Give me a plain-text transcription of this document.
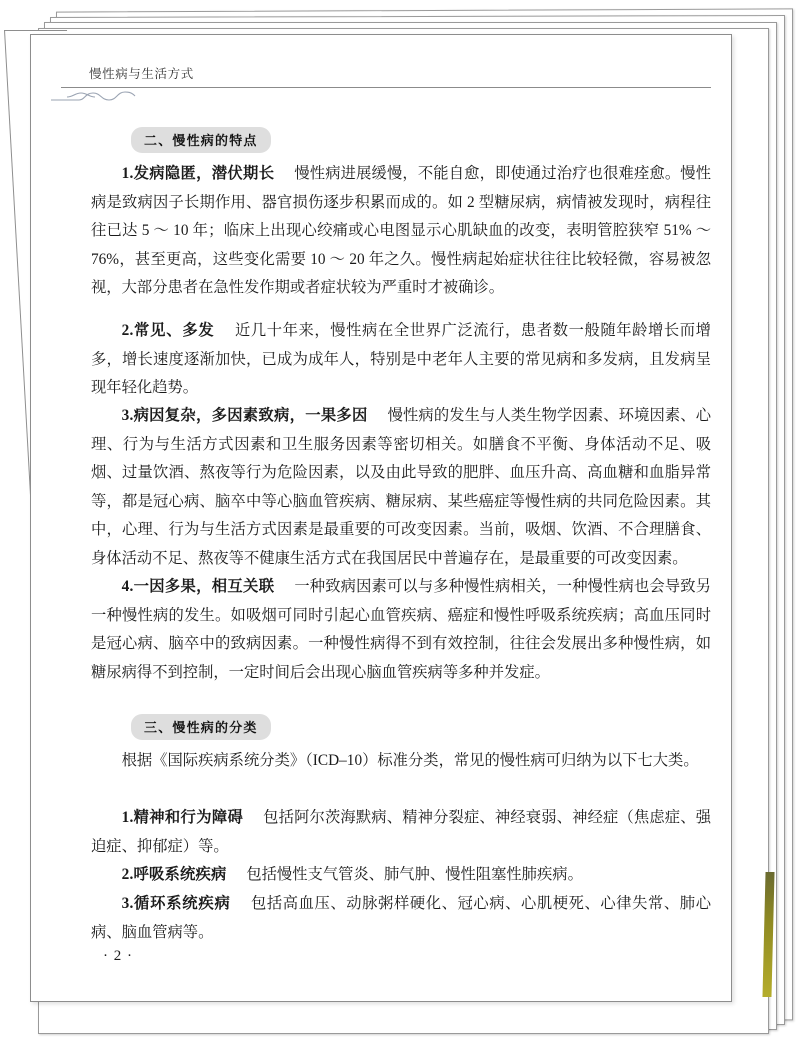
慢性病与生活方式
二、慢性病的特点
1.发病隐匿，潜伏期长 慢性病进展缓慢，不能自愈，即使通过治疗也很难痊愈。慢性病是致病因子长期作用、器官损伤逐步积累而成的。如 2 型糖尿病，病情被发现时，病程往往已达 5 ～ 10 年；临床上出现心绞痛或心电图显示心肌缺血的改变，表明管腔狭窄 51% ～ 76%，甚至更高，这些变化需要 10 ～ 20 年之久。慢性病起始症状往往比较轻微，容易被忽视，大部分患者在急性发作期或者症状较为严重时才被确诊。
2.常见、多发 近几十年来，慢性病在全世界广泛流行，患者数一般随年龄增长而增多，增长速度逐渐加快，已成为成年人，特别是中老年人主要的常见病和多发病，且发病呈现年轻化趋势。
3.病因复杂，多因素致病，一果多因 慢性病的发生与人类生物学因素、环境因素、心理、行为与生活方式因素和卫生服务因素等密切相关。如膳食不平衡、身体活动不足、吸烟、过量饮酒、熬夜等行为危险因素，以及由此导致的肥胖、血压升高、高血糖和血脂异常等，都是冠心病、脑卒中等心脑血管疾病、糖尿病、某些癌症等慢性病的共同危险因素。其中，心理、行为与生活方式因素是最重要的可改变因素。当前，吸烟、饮酒、不合理膳食、身体活动不足、熬夜等不健康生活方式在我国居民中普遍存在，是最重要的可改变因素。
4.一因多果，相互关联 一种致病因素可以与多种慢性病相关，一种慢性病也会导致另一种慢性病的发生。如吸烟可同时引起心血管疾病、癌症和慢性呼吸系统疾病；高血压同时是冠心病、脑卒中的致病因素。一种慢性病得不到有效控制，往往会发展出多种慢性病，如糖尿病得不到控制，一定时间后会出现心脑血管疾病等多种并发症。
三、慢性病的分类
根据《国际疾病系统分类》（ICD–10）标准分类，常见的慢性病可归纳为以下七大类。
1.精神和行为障碍 包括阿尔茨海默病、精神分裂症、神经衰弱、神经症（焦虑症、强迫症、抑郁症）等。
2.呼吸系统疾病 包括慢性支气管炎、肺气肿、慢性阻塞性肺疾病。
3.循环系统疾病 包括高血压、动脉粥样硬化、冠心病、心肌梗死、心律失常、肺心病、脑血管病等。
· 2 ·
